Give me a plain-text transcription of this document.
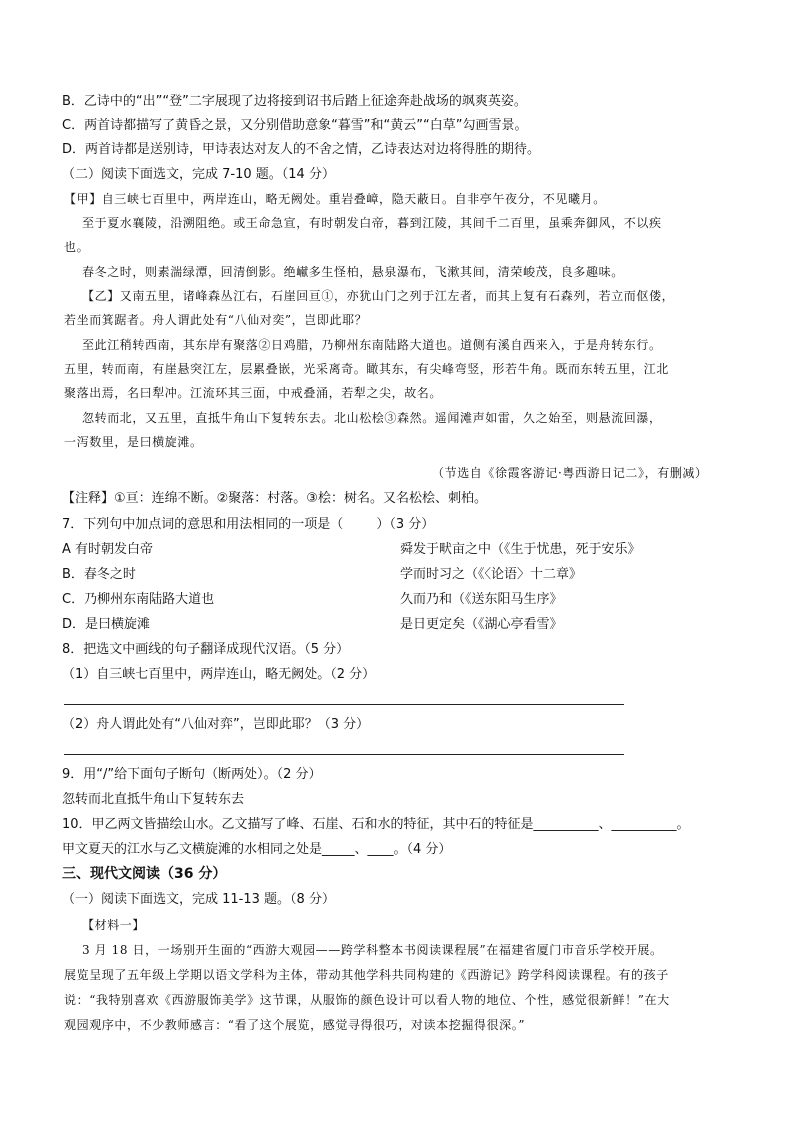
B．乙诗中的“出”“登”二字展现了边将接到诏书后踏上征途奔赴战场的飒爽英姿。
C．两首诗都描写了黄昏之景，又分别借助意象“暮雪”和“黄云”“白草”勾画雪景。
D．两首诗都是送别诗，甲诗表达对友人的不舍之情，乙诗表达对边将得胜的期待。
（二）阅读下面选文，完成 7-10 题。（14 分）
【甲】自三峡七百里中，两岸连山，略无阙处。重岩叠嶂，隐天蔽日。自非亭午夜分，不见曦月。
至于夏水襄陵，沿溯阻绝。或王命急宣，有时朝发白帝，暮到江陵，其间千二百里，虽乘奔御风，不以疾
也。
春冬之时，则素湍绿潭，回清倒影。绝𪩘多生怪柏，悬泉瀑布，飞漱其间，清荣峻茂，良多趣味。
【乙】又南五里，诸峰森丛江右，石崖回亘①，亦犹山门之列于江左者，而其上复有石森列，若立而伛偻，
若坐而箕踞者。舟人谓此处有“八仙对奕”，岂即此耶？
至此江稍转西南，其东岸有聚落②日鸡腊，乃柳州东南陆路大道也。道侧有溪自西来入，于是舟转东行。
五里，转而南，有崖悬突江左，层累叠嵌，光采离奇。瞰其东，有尖峰弯竖，形若牛角。既而东转五里，江北
聚落出焉，名曰犁冲。江流环其三面，中戒叠涌，若犁之尖，故名。
忽转而北，又五里，直抵牛角山下复转东去。北山松桧③森然。遥闻滩声如雷，久之始至，则悬流回瀑，
一泻数里，是曰横旋滩。
（节选自《徐霞客游记·粤西游日记二》，有删减）
【注释】①亘：连绵不断。②聚落：村落。③桧：树名。又名松桧、刺柏。
7．下列句中加点词的意思和用法相同的一项是（        ）（3 分）
A 有时朝发白帝	舜发于畎亩之中（《生于忧患，死于安乐》
B．春冬之时	学而时习之（《〈论语〉十二章》
C．乃柳州东南陆路大道也	久而乃和（《送东阳马生序》
D．是曰横旋滩	是日更定矣（《湖心亭看雪》
8．把选文中画线的句子翻译成现代汉语。（5 分）
（1）自三峡七百里中，两岸连山，略无阙处。（2 分）
（2）舟人谓此处有“八仙对弈”，岂即此耶？（3 分）
9．用“/”给下面句子断句（断两处）。（2 分）
忽转而北直抵牛角山下复转东去
10．甲乙两文皆描绘山水。乙文描写了峰、石崖、石和水的特征，其中石的特征是__________、__________。
甲文夏天的江水与乙文横旋滩的水相同之处是_____、____。（4 分）
三、现代文阅读（36 分）
（一）阅读下面选文，完成 11-13 题。（8 分）
【材料一】
3 月 18 日，一场别开生面的“西游大观园——跨学科整本书阅读课程展”在福建省厦门市音乐学校开展。
展览呈现了五年级上学期以语文学科为主体，带动其他学科共同构建的《西游记》跨学科阅读课程。有的孩子
说：“我特别喜欢《西游服饰美学》这节课，从服饰的颜色设计可以看人物的地位、个性，感觉很新鲜！”在大
观园观序中，不少教师感言：“看了这个展览，感觉寻得很巧，对读本挖掘得很深。”
